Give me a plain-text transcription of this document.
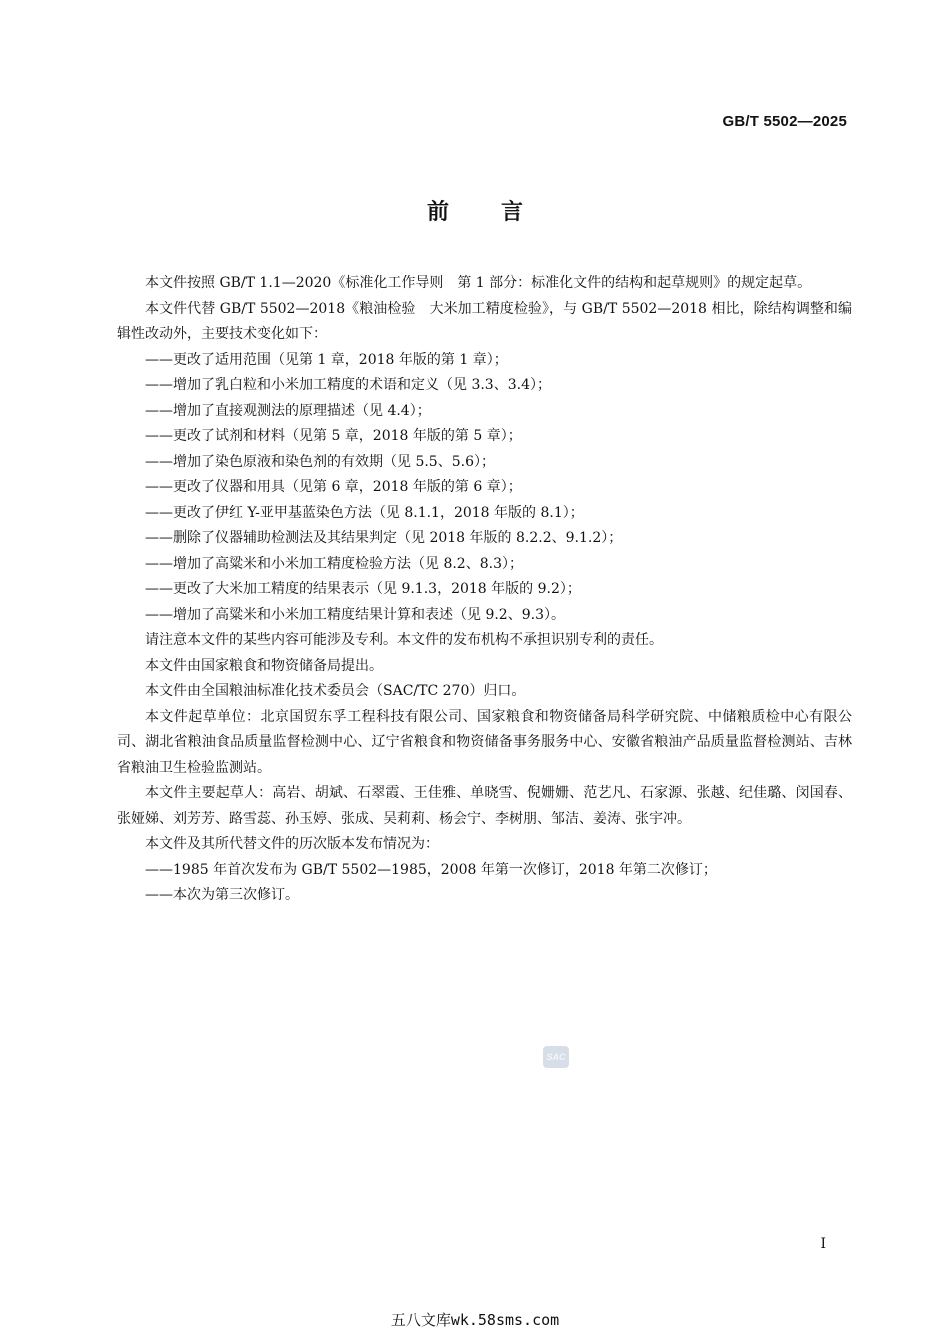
GB/T 5502—2025
前 言

本文件按照 GB/T 1.1—2020《标准化工作导则　第 1 部分：标准化文件的结构和起草规则》的规定起草。

本文件代替 GB/T 5502—2018《粮油检验　大米加工精度检验》，与 GB/T 5502—2018 相比，除结构调整和编辑性改动外，主要技术变化如下：

——更改了适用范围（见第 1 章，2018 年版的第 1 章）；

——增加了乳白粒和小米加工精度的术语和定义（见 3.3、3.4）；

——增加了直接观测法的原理描述（见 4.4）；

——更改了试剂和材料（见第 5 章，2018 年版的第 5 章）；

——增加了染色原液和染色剂的有效期（见 5.5、5.6）；

——更改了仪器和用具（见第 6 章，2018 年版的第 6 章）；

——更改了伊红 Y-亚甲基蓝染色方法（见 8.1.1，2018 年版的 8.1）；

——删除了仪器辅助检测法及其结果判定（见 2018 年版的 8.2.2、9.1.2）；

——增加了高粱米和小米加工精度检验方法（见 8.2、8.3）；

——更改了大米加工精度的结果表示（见 9.1.3，2018 年版的 9.2）；

——增加了高粱米和小米加工精度结果计算和表述（见 9.2、9.3）。

请注意本文件的某些内容可能涉及专利。本文件的发布机构不承担识别专利的责任。

本文件由国家粮食和物资储备局提出。

本文件由全国粮油标准化技术委员会（SAC/TC 270）归口。

本文件起草单位：北京国贸东孚工程科技有限公司、国家粮食和物资储备局科学研究院、中储粮质检中心有限公司、湖北省粮油食品质量监督检测中心、辽宁省粮食和物资储备事务服务中心、安徽省粮油产品质量监督检测站、吉林省粮油卫生检验监测站。

本文件主要起草人：高岩、胡斌、石翠霞、王佳雅、单晓雪、倪姗姗、范艺凡、石家源、张越、纪佳璐、闵国春、张娅娣、刘芳芳、路雪蕊、孙玉婷、张成、吴莉莉、杨会宁、李树朋、邹洁、姜涛、张宇冲。

本文件及其所代替文件的历次版本发布情况为：

——1985 年首次发布为 GB/T 5502—1985，2008 年第一次修订，2018 年第二次修订；

——本次为第三次修订。

SAC
I
五八文库wk.58sms.com
